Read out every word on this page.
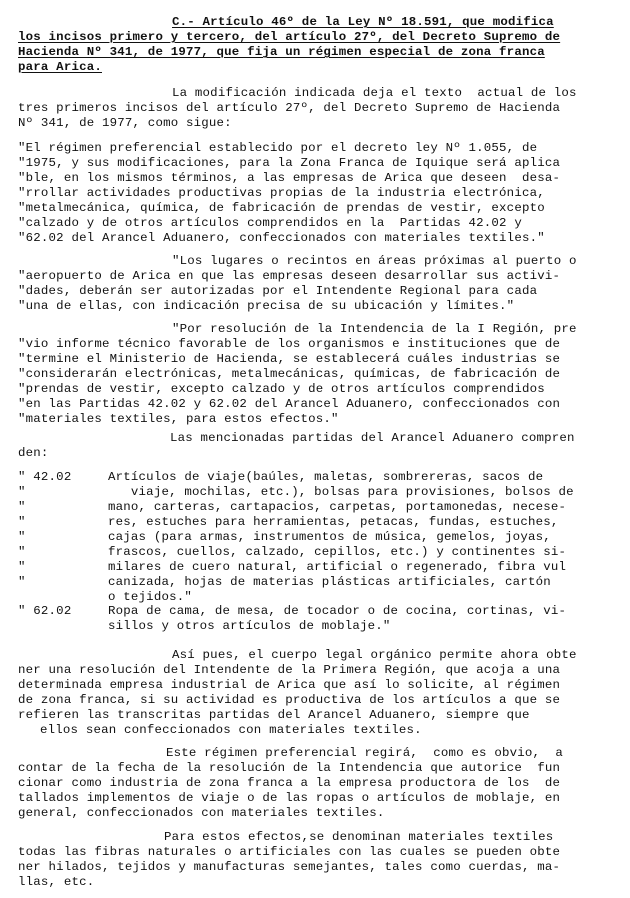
C.- Artículo 46º de la Ley Nº 18.591, que modifica
los incisos primero y tercero, del artículo 27º, del Decreto Supremo de
Hacienda Nº 341, de 1977, que fija un régimen especial de zona franca
para Arica.
La modificación indicada deja el texto  actual de los
tres primeros incisos del artículo 27º, del Decreto Supremo de Hacienda
Nº 341, de 1977, como sigue:
"El régimen preferencial establecido por el decreto ley Nº 1.055, de
"1975, y sus modificaciones, para la Zona Franca de Iquique será aplica
"ble, en los mismos términos, a las empresas de Arica que deseen  desa-
"rrollar actividades productivas propias de la industria electrónica,
"metalmecánica, química, de fabricación de prendas de vestir, excepto
"calzado y de otros artículos comprendidos en la  Partidas 42.02 y
"62.02 del Arancel Aduanero, confeccionados con materiales textiles."
"Los lugares o recintos en áreas próximas al puerto o
"aeropuerto de Arica en que las empresas deseen desarrollar sus activi-
"dades, deberán ser autorizadas por el Intendente Regional para cada
"una de ellas, con indicación precisa de su ubicación y límites."
"Por resolución de la Intendencia de la I Región, pre
"vio informe técnico favorable de los organismos e instituciones que de
"termine el Ministerio de Hacienda, se establecerá cuáles industrias se
"considerarán electrónicas, metalmecánicas, químicas, de fabricación de
"prendas de vestir, excepto calzado y de otros artículos comprendidos
"en las Partidas 42.02 y 62.02 del Arancel Aduanero, confeccionados con
"materiales textiles, para estos efectos."
Las mencionadas partidas del Arancel Aduanero compren
den:
" 42.02
"
"
"
"
"
"
"
Artículos de viaje(baúles, maletas, sombrereras, sacos de
viaje, mochilas, etc.), bolsas para provisiones, bolsos de
mano, carteras, cartapacios, carpetas, portamonedas, necese-
res, estuches para herramientas, petacas, fundas, estuches,
cajas (para armas, instrumentos de música, gemelos, joyas,
frascos, cuellos, calzado, cepillos, etc.) y continentes si-
milares de cuero natural, artificial o regenerado, fibra vul
canizada, hojas de materias plásticas artificiales, cartón
o tejidos."
" 62.02	Ropa de cama, de mesa, de tocador o de cocina, cortinas, vi-
sillos y otros artículos de moblaje."
Así pues, el cuerpo legal orgánico permite ahora obte
ner una resolución del Intendente de la Primera Región, que acoja a una
determinada empresa industrial de Arica que así lo solicite, al régimen
de zona franca, si su actividad es productiva de los artículos a que se
refieren las transcritas partidas del Arancel Aduanero, siempre que
ellos sean confeccionados con materiales textiles.
Este régimen preferencial regirá,  como es obvio,  a
contar de la fecha de la resolución de la Intendencia que autorice  fun
cionar como industria de zona franca a la empresa productora de los  de
tallados implementos de viaje o de las ropas o artículos de moblaje, en
general, confeccionados con materiales textiles.
Para estos efectos,se denominan materiales textiles
todas las fibras naturales o artificiales con las cuales se pueden obte
ner hilados, tejidos y manufacturas semejantes, tales como cuerdas, ma-
llas, etc.
